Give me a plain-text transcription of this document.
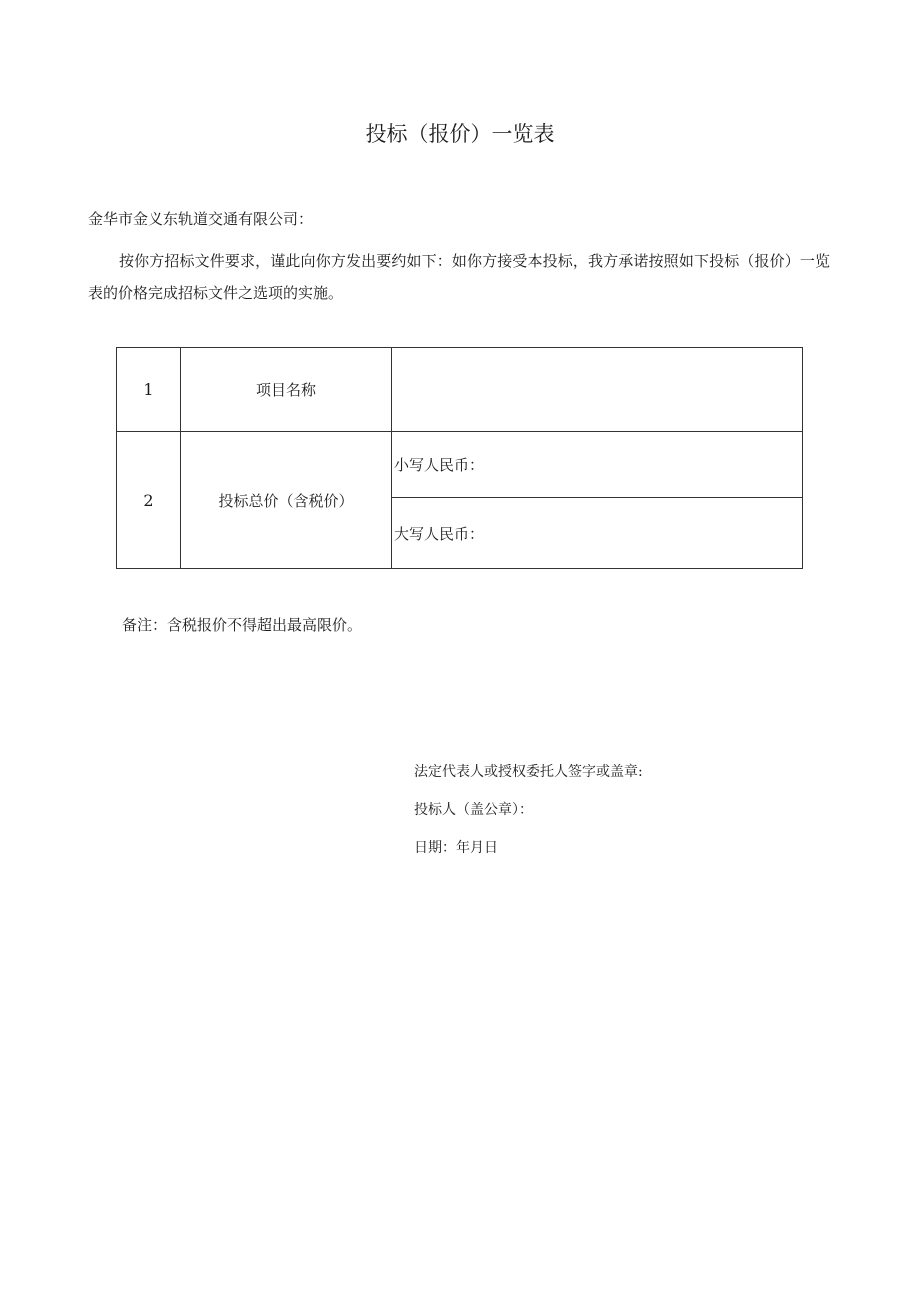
投标（报价）一览表
金华市金义东轨道交通有限公司：
按你方招标文件要求，谨此向你方发出要约如下：如你方接受本投标，我方承诺按照如下投标（报价）一览表的价格完成招标文件之选项的实施。
1	项目名称	
2	投标总价（含税价）	小写人民币：
		大写人民币：
备注：含税报价不得超出最高限价。
法定代表人或授权委托人签字或盖章:
投标人（盖公章）：
日期：年月日
